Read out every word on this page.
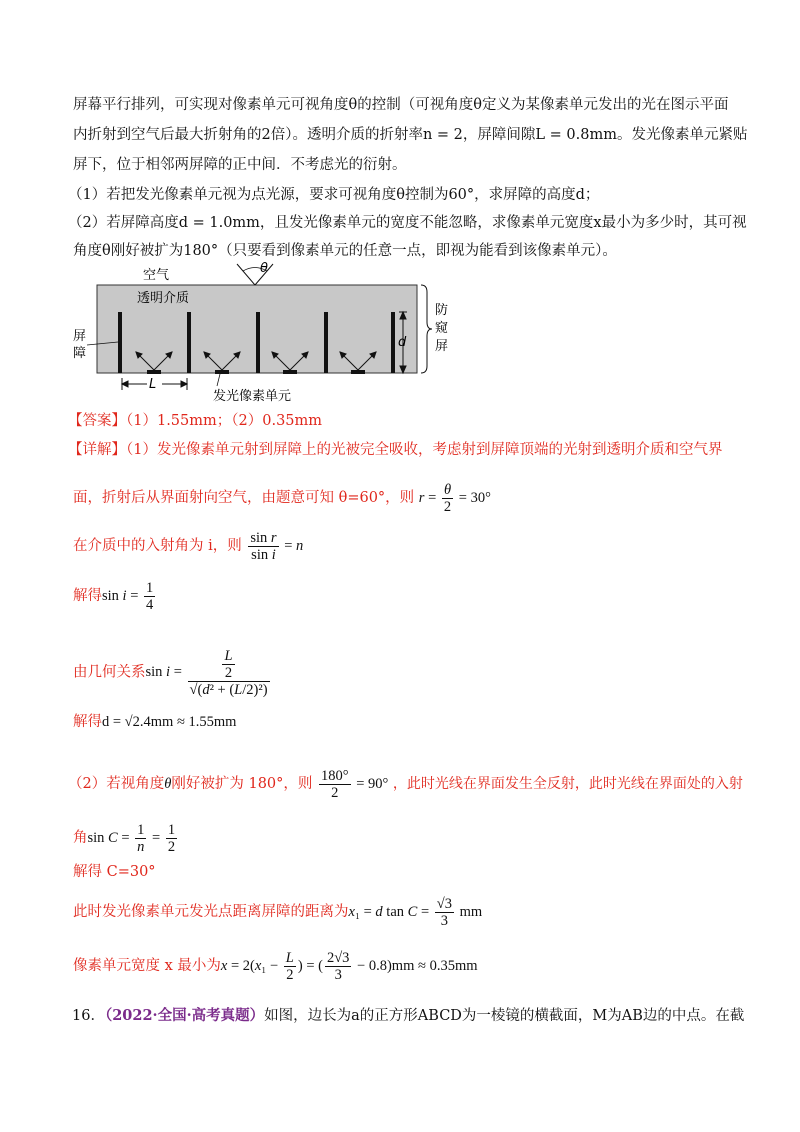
屏幕平行排列，可实现对像素单元可视角度θ的控制（可视角度θ定义为某像素单元发出的光在图示平面
内折射到空气后最大折射角的2倍）。透明介质的折射率n = 2，屏障间隙L = 0.8mm。发光像素单元紧贴
屏下，位于相邻两屏障的正中间．不考虑光的衍射。
（1）若把发光像素单元视为点光源，要求可视角度θ控制为60°，求屏障的高度d；
（2）若屏障高度d = 1.0mm，且发光像素单元的宽度不能忽略，求像素单元宽度x最小为多少时，其可视
角度θ刚好被扩为180°（只要看到像素单元的任意一点，即视为能看到该像素单元）。
空气
透明介质
θ
屏
障
d
L
发光像素单元
防
窥
屏
【答案】（1）1.55mm；（2）0.35mm
【详解】（1）发光像素单元射到屏障上的光被完全吸收，考虑射到屏障顶端的光射到透明介质和空气界
面，折射后从界面射向空气，由题意可知 θ=60°，则 $r = \frac{\theta}{2} = 30^\circ$
在介质中的入射角为 i，则 $\frac{\text{sin r}}{\text{sin i}} = n$
解得$\sin i = \frac{1}{4}$
由几何关系$\sin i = \frac{\frac{L}{2}}{\text{√(d² + (L/2)²)}}$
解得d = √2.4mm ≈ 1.55mm
（2）若视角度θ刚好被扩为 180°，则 $\frac{180^\circ}{2} = 90^\circ$ ，此时光线在界面发生全反射，此时光线在界面处的入射
角$\sin C = \frac{1}{n} = \frac{1}{2}$
解得 C=30°
此时发光像素单元发光点距离屏障的距离为x₁ = d $\tan C = \frac{√3}{3}$ mm
像素单元宽度 x 最小为$x = 2(x_1 - \frac{L}{2}$ ) = ( $\frac{2√3}{3} - 0.8)mm \approx 0.35mm$
16．（2022·全国·高考真题）如图，边长为a的正方形ABCD为一棱镜的横截面，M为AB边的中点。在截
